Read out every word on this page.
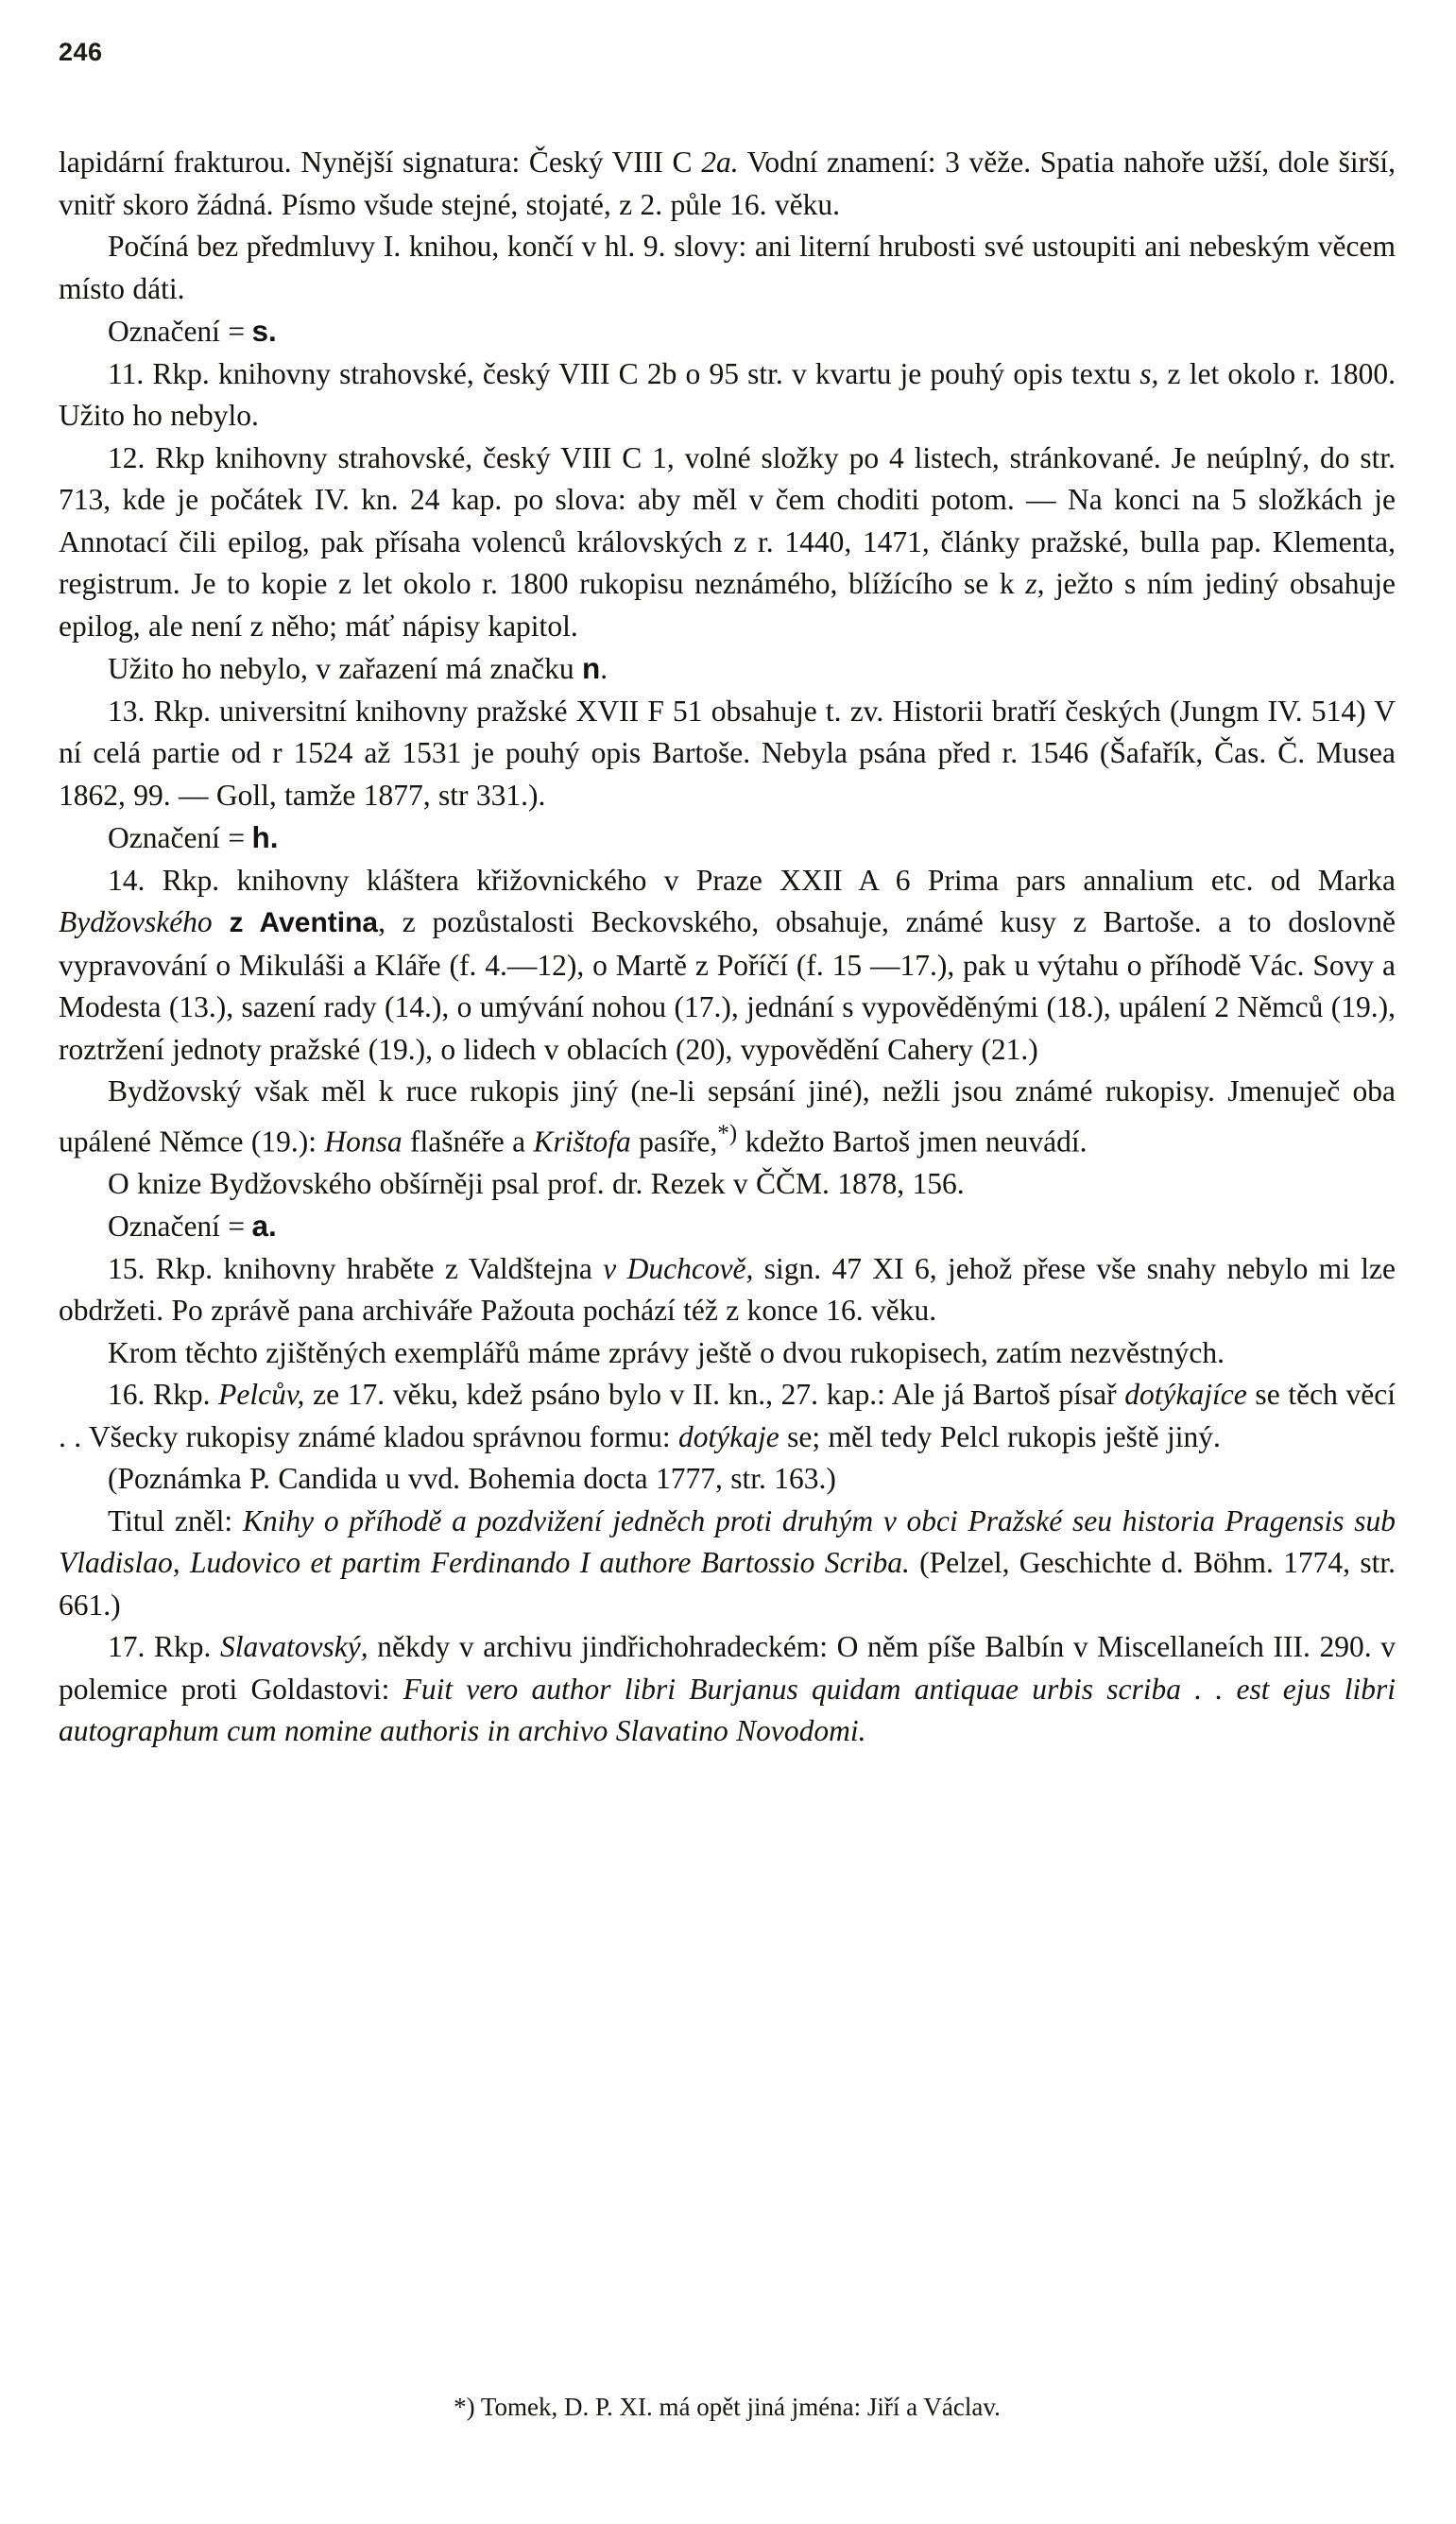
246

lapidární frakturou. Nynější signatura: Český VIII C 2a. Vodní znamení: 3 věže. Spatia nahoře užší, dole širší, vnitř skoro žádná. Písmo všude stejné, stojaté, z 2. půle 16. věku.

Počíná bez předmluvy I. knihou, končí v hl. 9. slovy: ani literní hrubosti své ustoupiti ani nebeským věcem místo dáti.

Označení = s.

11. Rkp. knihovny strahovské, český VIII C 2b o 95 str. v kvartu je pouhý opis textu s, z let okolo r. 1800. Užito ho nebylo.

12. Rkp knihovny strahovské, český VIII C 1, volné složky po 4 listech, stránkované. Je neúplný, do str. 713, kde je počátek IV. kn. 24 kap. po slova: aby měl v čem choditi potom. — Na konci na 5 složkách je Annotací čili epilog, pak přísaha volenců královských z r. 1440, 1471, články pražské, bulla pap. Klementa, registrum. Je to kopie z let okolo r. 1800 rukopisu neznámého, blížícího se k z, ježto s ním jediný obsahuje epilog, ale není z něho; máť nápisy kapitol.

Užito ho nebylo, v zařazení má značku n.

13. Rkp. universitní knihovny pražské XVII F 51 obsahuje t. zv. Historii bratří českých (Jungm IV. 514) V ní celá partie od r 1524 až 1531 je pouhý opis Bartoše. Nebyla psána před r. 1546 (Šafařík, Čas. Č. Musea 1862, 99. — Goll, tamže 1877, str 331.).

Označení = h.

14. Rkp. knihovny kláštera křižovnického v Praze XXII A 6 Prima pars annalium etc. od Marka Bydžovského z Aventina, z pozůstalosti Beckovského, obsahuje, známé kusy z Bartoše. a to doslovně vypravování o Mikuláši a Kláře (f. 4.—12), o Martě z Poříčí (f. 15 —17.), pak u výtahu o příhodě Vác. Sovy a Modesta (13.), sazení rady (14.), o umývání nohou (17.), jednání s vypověděnými (18.), upálení 2 Němců (19.), roztržení jednoty pražské (19.), o lidech v oblacích (20), vypovědění Cahery (21.)

Bydžovský však měl k ruce rukopis jiný (ne-li sepsání jiné), nežli jsou známé rukopisy. Jmenuječ oba upálené Němce (19.): Honsa flašnéře a Krištofa pasíře,*) kdežto Bartoš jmen neuvádí.

O knize Bydžovského obšírněji psal prof. dr. Rezek v ČČM. 1878, 156.

Označení = a.

15. Rkp. knihovny hraběte z Valdštejna v Duchcově, sign. 47 XI 6, jehož přese vše snahy nebylo mi lze obdržeti. Po zprávě pana archiváře Pažouta pochází též z konce 16. věku.

Krom těchto zjištěných exemplářů máme zprávy ještě o dvou rukopisech, zatím nezvěstných.

16. Rkp. Pelcův, ze 17. věku, kdež psáno bylo v II. kn., 27. kap.: Ale já Bartoš písař dotýkajíce se těch věcí . . Všecky rukopisy známé kladou správnou formu: dotýkaje se; měl tedy Pelcl rukopis ještě jiný.

(Poznámka P. Candida u vvd. Bohemia docta 1777, str. 163.)

Titul zněl: Knihy o příhodě a pozdvižení jedněch proti druhým v obci Pražské seu historia Pragensis sub Vladislao, Ludovico et partim Ferdinando I authore Bartossio Scriba. (Pelzel, Geschichte d. Böhm. 1774, str. 661.)

17. Rkp. Slavatovský, někdy v archivu jindřichohradeckém: O něm píše Balbín v Miscellaneích III. 290. v polemice proti Goldastovi: Fuit vero author libri Burjanus quidam antiquae urbis scriba . . est ejus libri autographum cum nomine authoris in archivo Slavatino Novodomi.

*) Tomek, D. P. XI. má opět jiná jména: Jiří a Václav.
